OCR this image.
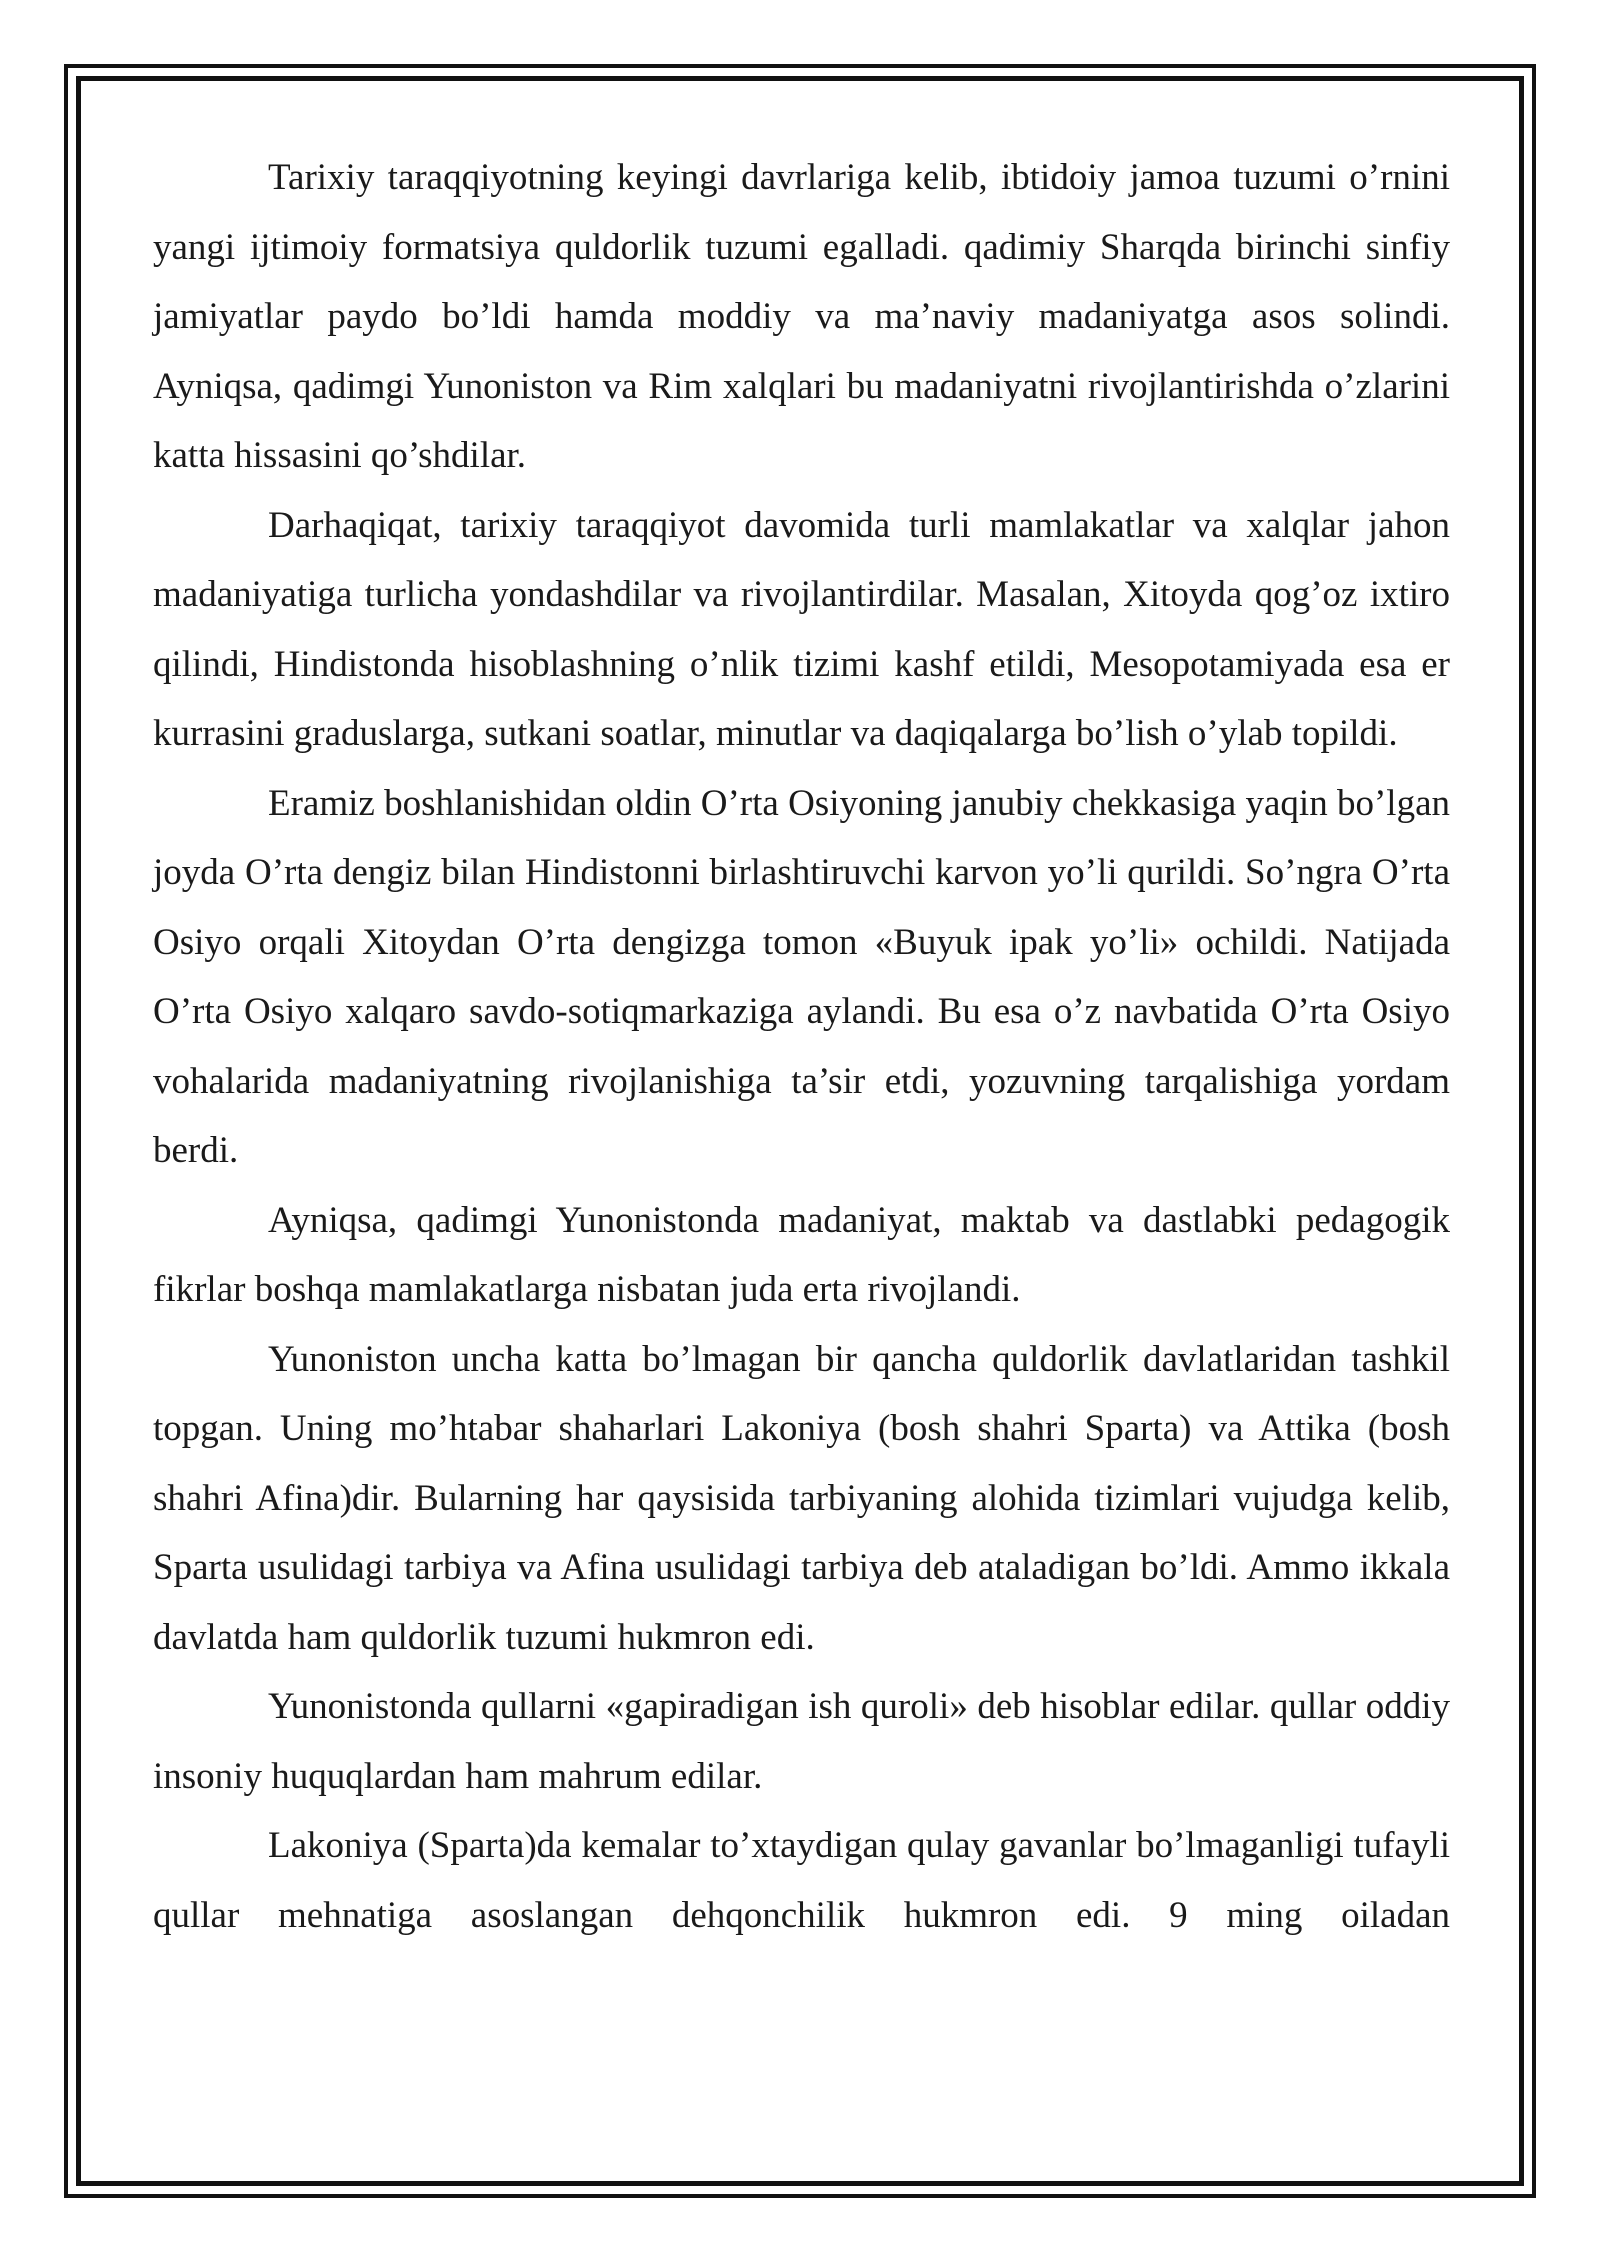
Tarixiy taraqqiyotning keyingi davrlariga kelib, ibtidoiy jamoa tuzumi o’rnini yangi ijtimoiy formatsiya quldorlik tuzumi egalladi. qadimiy Sharqda birinchi sinfiy jamiyatlar paydo bo’ldi hamda moddiy va ma’naviy madaniyatga asos solindi. Ayniqsa, qadimgi Yunoniston va Rim xalqlari bu madaniyatni rivojlantirishda o’zlarini katta hissasini qo’shdilar.

Darhaqiqat, tarixiy taraqqiyot davomida turli mamlakatlar va xalqlar jahon madaniyatiga turlicha yondashdilar va rivojlantirdilar. Masalan, Xitoyda qog’oz ixtiro qilindi, Hindistonda hisoblashning o’nlik tizimi kashf etildi, Mesopotamiyada esa er kurrasini graduslarga, sutkani soatlar, minutlar va daqiqalarga bo’lish o’ylab topildi.

Eramiz boshlanishidan oldin O’rta Osiyoning janubiy chekkasiga yaqin bo’lgan joyda O’rta dengiz bilan Hindistonni birlashtiruvchi karvon yo’li qurildi. So’ngra O’rta Osiyo orqali Xitoydan O’rta dengizga tomon «Buyuk ipak yo’li» ochildi. Natijada O’rta Osiyo xalqaro savdo-sotiqmarkaziga aylandi. Bu esa o’z navbatida O’rta Osiyo vohalarida madaniyatning rivojlanishiga ta’sir etdi, yozuvning tarqalishiga yordam berdi.

Ayniqsa, qadimgi Yunonistonda madaniyat, maktab va dastlabki pedagogik fikrlar boshqa mamlakatlarga nisbatan juda erta rivojlandi.

Yunoniston uncha katta bo’lmagan bir qancha quldorlik davlatlaridan tashkil topgan. Uning mo’htabar shaharlari Lakoniya (bosh shahri Sparta) va Attika (bosh shahri Afina)dir. Bularning har qaysisida tarbiyaning alohida tizimlari vujudga kelib, Sparta usulidagi tarbiya va Afina usulidagi tarbiya deb ataladigan bo’ldi. Ammo ikkala davlatda ham quldorlik tuzumi hukmron edi.

Yunonistonda qullarni «gapiradigan ish quroli» deb hisoblar edilar. qullar oddiy insoniy huquqlardan ham mahrum edilar.

Lakoniya (Sparta)da kemalar to’xtaydigan qulay gavanlar bo’lmaganligi tufayli qullar mehnatiga asoslangan dehqonchilik hukmron edi. 9 ming oiladan
